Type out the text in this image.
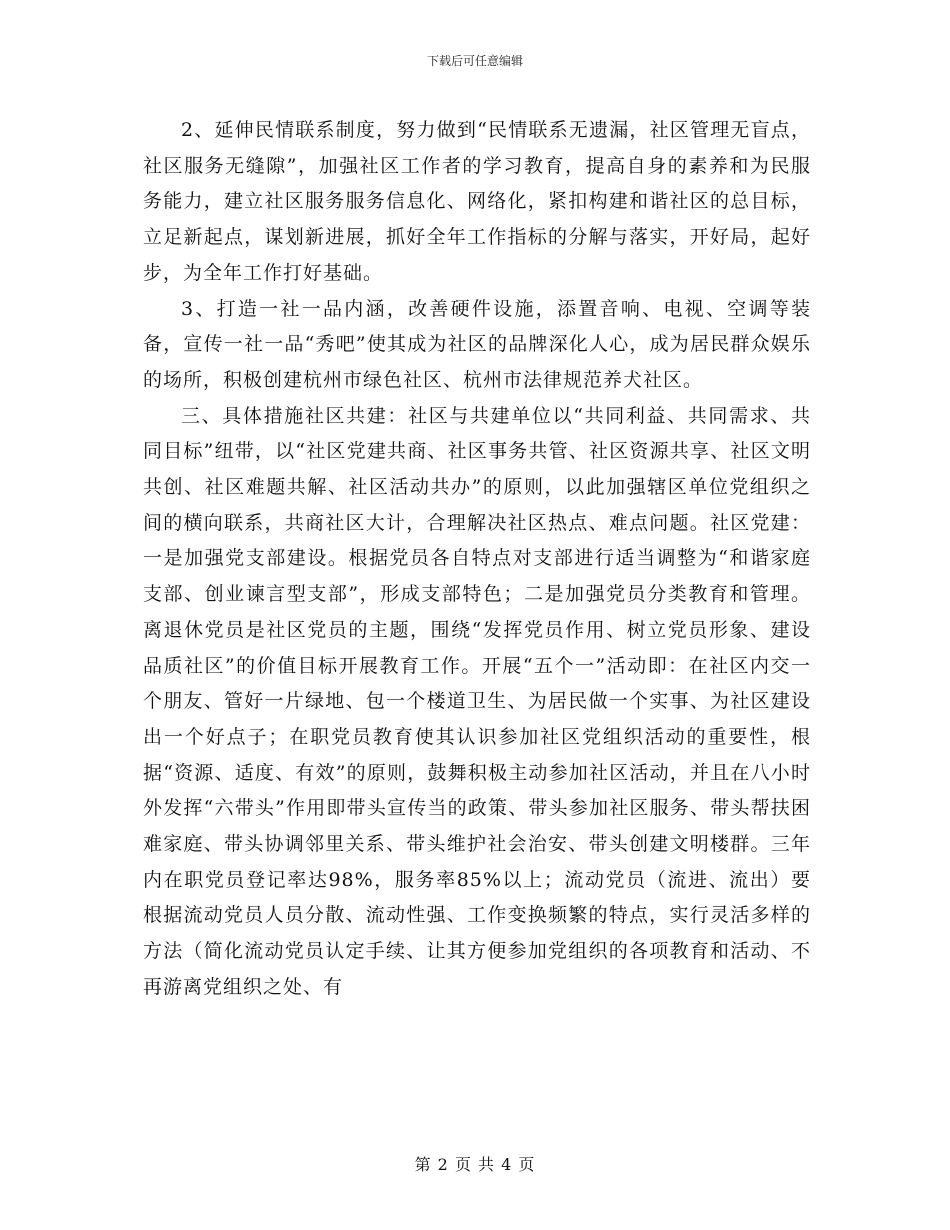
下载后可任意编辑

2、延伸民情联系制度，努力做到“民情联系无遗漏，社区管理无盲点，社区服务无缝隙”，加强社区工作者的学习教育，提高自身的素养和为民服务能力，建立社区服务服务信息化、网络化，紧扣构建和谐社区的总目标，立足新起点，谋划新进展，抓好全年工作指标的分解与落实，开好局，起好步，为全年工作打好基础。

3、打造一社一品内涵，改善硬件设施，添置音响、电视、空调等装备，宣传一社一品“秀吧”使其成为社区的品牌深化人心，成为居民群众娱乐的场所，积极创建杭州市绿色社区、杭州市法律规范养犬社区。

三、具体措施社区共建：社区与共建单位以“共同利益、共同需求、共同目标”纽带，以“社区党建共商、社区事务共管、社区资源共享、社区文明共创、社区难题共解、社区活动共办”的原则，以此加强辖区单位党组织之间的横向联系，共商社区大计，合理解决社区热点、难点问题。社区党建：一是加强党支部建设。根据党员各自特点对支部进行适当调整为“和谐家庭支部、创业谏言型支部”，形成支部特色；二是加强党员分类教育和管理。离退休党员是社区党员的主题，围绕“发挥党员作用、树立党员形象、建设品质社区”的价值目标开展教育工作。开展“五个一”活动即：在社区内交一个朋友、管好一片绿地、包一个楼道卫生、为居民做一个实事、为社区建设出一个好点子；在职党员教育使其认识参加社区党组织活动的重要性，根据“资源、适度、有效”的原则，鼓舞积极主动参加社区活动，并且在八小时外发挥“六带头”作用即带头宣传当的政策、带头参加社区服务、带头帮扶困难家庭、带头协调邻里关系、带头维护社会治安、带头创建文明楼群。三年内在职党员登记率达98%，服务率85%以上；流动党员（流进、流出）要根据流动党员人员分散、流动性强、工作变换频繁的特点，实行灵活多样的方法（简化流动党员认定手续、让其方便参加党组织的各项教育和活动、不再游离党组织之处、有

第 2 页 共 4 页
